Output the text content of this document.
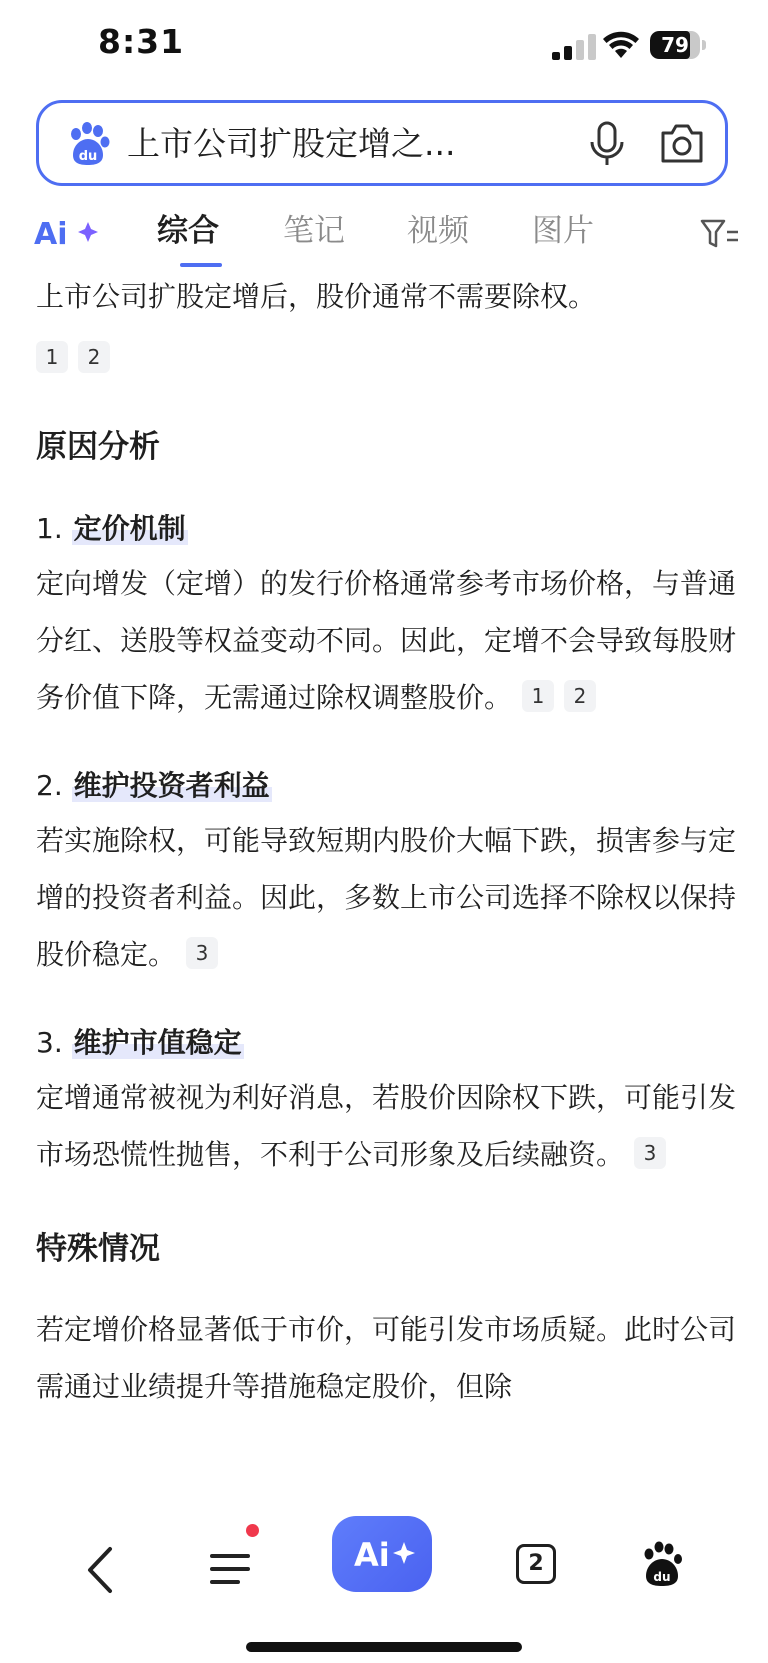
8:31	79
du 上市公司扩股定增之...
Ai	综合 笔记 视频 图片

上市公司扩股定增后，股价通常不需要除权。

1 2
原因分析
1. 定价机制

定向增发（定增）的发行价格通常参考市场价格，与普通分红、送股等权益变动不同。因此，定增不会导致每股财务价值下降，无需通过除权调整股价。 1 2

2. 维护投资者利益

若实施除权，可能导致短期内股价大幅下跌，损害参与定增的投资者利益。因此，多数上市公司选择不除权以保持股价稳定。 3

3. 维护市值稳定

定增通常被视为利好消息，若股价因除权下跌，可能引发市场恐慌性抛售，不利于公司形象及后续融资。 3

特殊情况

若定增价格显著低于市价，可能引发市场质疑。此时公司需通过业绩提升等措施稳定股价，但除

Ai	2
du
